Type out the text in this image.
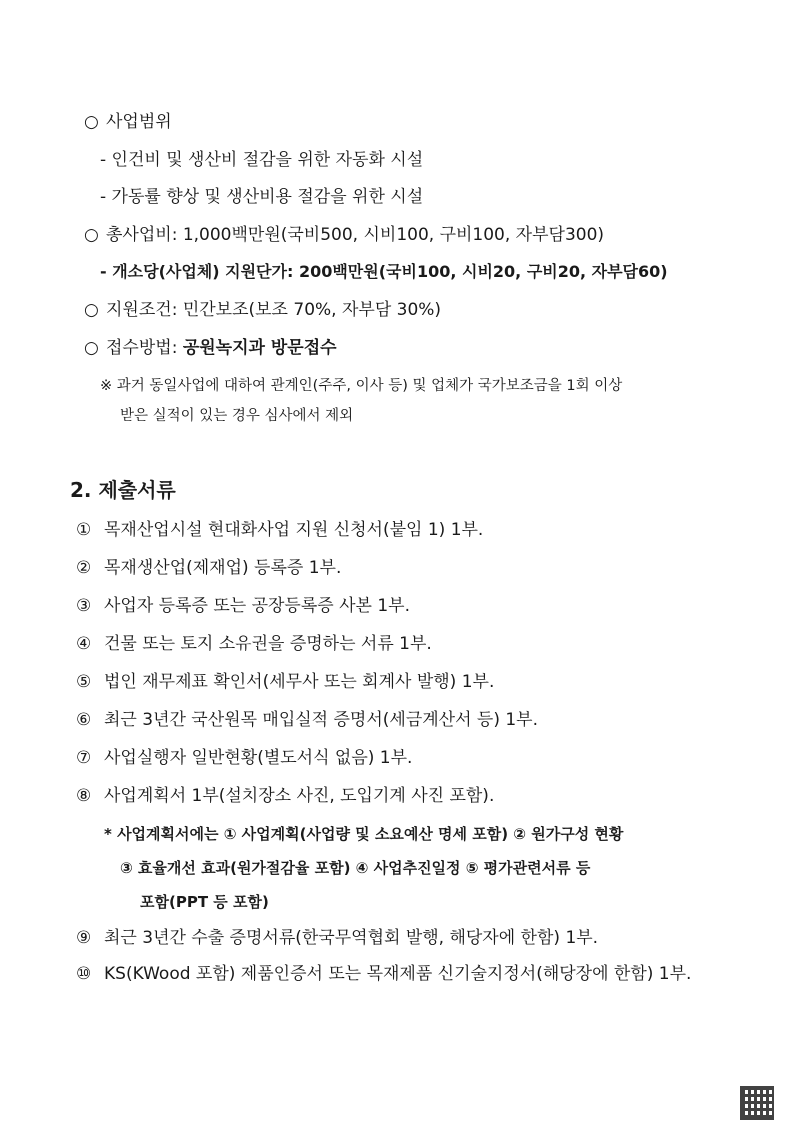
○ 사업범위
- 인건비 및 생산비 절감을 위한 자동화 시설
- 가동률 향상 및 생산비용 절감을 위한 시설
○ 총사업비: 1,000백만원(국비500, 시비100, 구비100, 자부담300)
- 개소당(사업체) 지원단가: 200백만원(국비100, 시비20, 구비20, 자부담60)
○ 지원조건: 민간보조(보조 70%, 자부담 30%)
○ 접수방법: 공원녹지과 방문접수
※ 과거 동일사업에 대하여 관계인(주주, 이사 등) 및 업체가 국가보조금을 1회 이상
받은 실적이 있는 경우 심사에서 제외
2. 제출서류
① 목재산업시설 현대화사업 지원 신청서(붙임 1) 1부.
② 목재생산업(제재업) 등록증 1부.
③ 사업자 등록증 또는 공장등록증 사본 1부.
④ 건물 또는 토지 소유권을 증명하는 서류 1부.
⑤ 법인 재무제표 확인서(세무사 또는 회계사 발행) 1부.
⑥ 최근 3년간 국산원목 매입실적 증명서(세금계산서 등) 1부.
⑦ 사업실행자 일반현황(별도서식 없음) 1부.
⑧ 사업계획서 1부(설치장소 사진, 도입기계 사진 포함).
* 사업계획서에는 ① 사업계획(사업량 및 소요예산 명세 포함) ② 원가구성 현황
③ 효율개선 효과(원가절감율 포함) ④ 사업추진일정 ⑤ 평가관련서류 등
포함(PPT 등 포함)
⑨ 최근 3년간 수출 증명서류(한국무역협회 발행, 해당자에 한함) 1부.
⑩ KS(KWood 포함) 제품인증서 또는 목재제품 신기술지정서(해당장에 한함) 1부.
